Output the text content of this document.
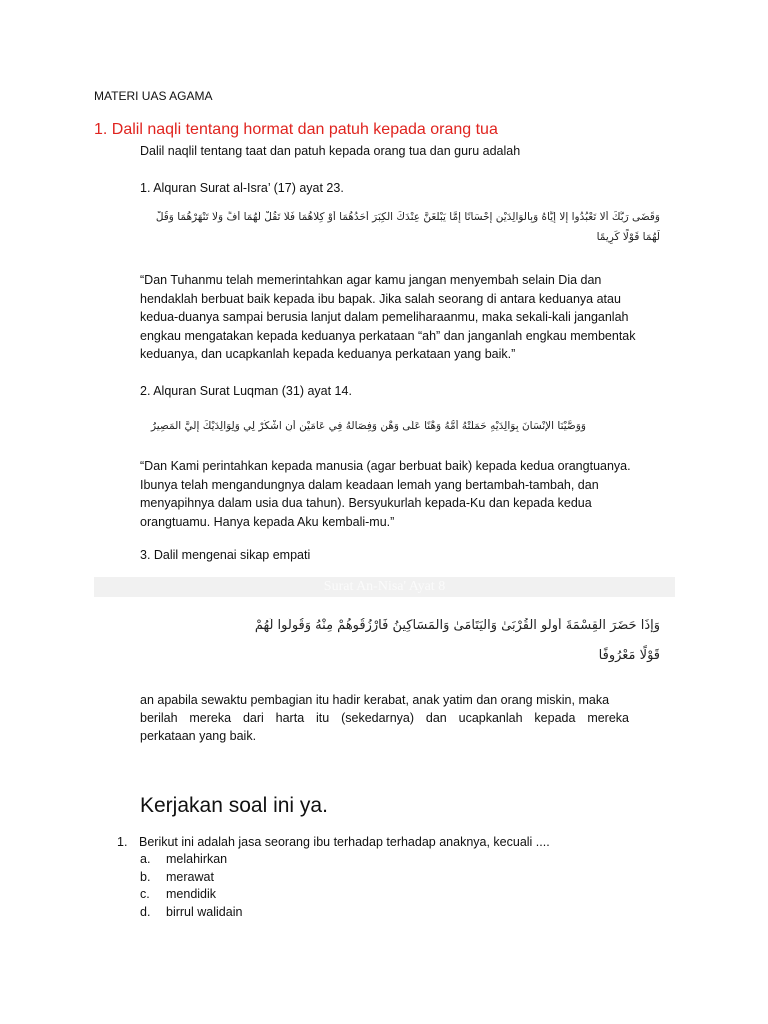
MATERI UAS AGAMA
1. Dalil naqli tentang hormat dan patuh kepada orang tua
Dalil naqlil tentang taat dan patuh kepada orang tua dan guru adalah
1. Alquran Surat al-Isra’ (17) ayat 23.
وَقَضَى رَبُّكَ أَلَّا تَعْبُدُوا إِلَّا إِيَّاهُ وَبِالْوَالِدَيْنِ إِحْسَانًا إِمَّا يَبْلُغَنَّ عِنْدَكَ الْكِبَرَ أَحَدُهُمَا أَوْ كِلَاهُمَا فَلَا تَقُلْ لَهُمَا أُفٍّ وَلَا تَنْهَرْهُمَا وَقُلْ
لَهُمَا قَوْلًا كَرِيمًا
“Dan Tuhanmu telah memerintahkan agar kamu jangan menyembah selain Dia dan
hendaklah berbuat baik kepada ibu bapak. Jika salah seorang di antara keduanya atau
kedua-duanya sampai berusia lanjut dalam pemeliharaanmu, maka sekali-kali janganlah
engkau mengatakan kepada keduanya perkataan “ah” dan janganlah engkau membentak
keduanya, dan ucapkanlah kepada keduanya perkataan yang baik.”
2. Alquran Surat Luqman (31) ayat 14.
وَوَصَّيْنَا الْإِنْسَانَ بِوَالِدَيْهِ حَمَلَتْهُ أُمُّهُ وَهْنًا عَلَى وَهْنٍ وَفِصَالُهُ فِي عَامَيْنِ أَنِ اشْكُرْ لِي وَلِوَالِدَيْكَ إِلَيَّ الْمَصِيرُ
“Dan Kami perintahkan kepada manusia (agar berbuat baik) kepada kedua orangtuanya.
Ibunya telah mengandungnya dalam keadaan lemah yang bertambah-tambah, dan
menyapihnya dalam usia dua tahun). Bersyukurlah kepada-Ku dan kepada kedua
orangtuamu. Hanya kepada Aku kembali-mu.”
3. Dalil mengenai sikap empati
Surat An-Nisa' Ayat 8
وَإِذَا حَضَرَ الْقِسْمَةَ أُولُو الْقُرْبَىٰ وَالْيَتَامَىٰ وَالْمَسَاكِينُ فَارْزُقُوهُمْ مِنْهُ وَقُولُوا لَهُمْ
قَوْلًا مَعْرُوفًا
an apabila sewaktu pembagian itu hadir kerabat, anak yatim dan orang miskin, maka
berilah mereka dari harta itu (sekedarnya) dan ucapkanlah kepada mereka
perkataan yang baik.
Kerjakan soal ini ya.
1. Berikut ini adalah jasa seorang ibu terhadap terhadap anaknya, kecuali ....
a. melahirkan
b. merawat
c. mendidik
d. birrul walidain
